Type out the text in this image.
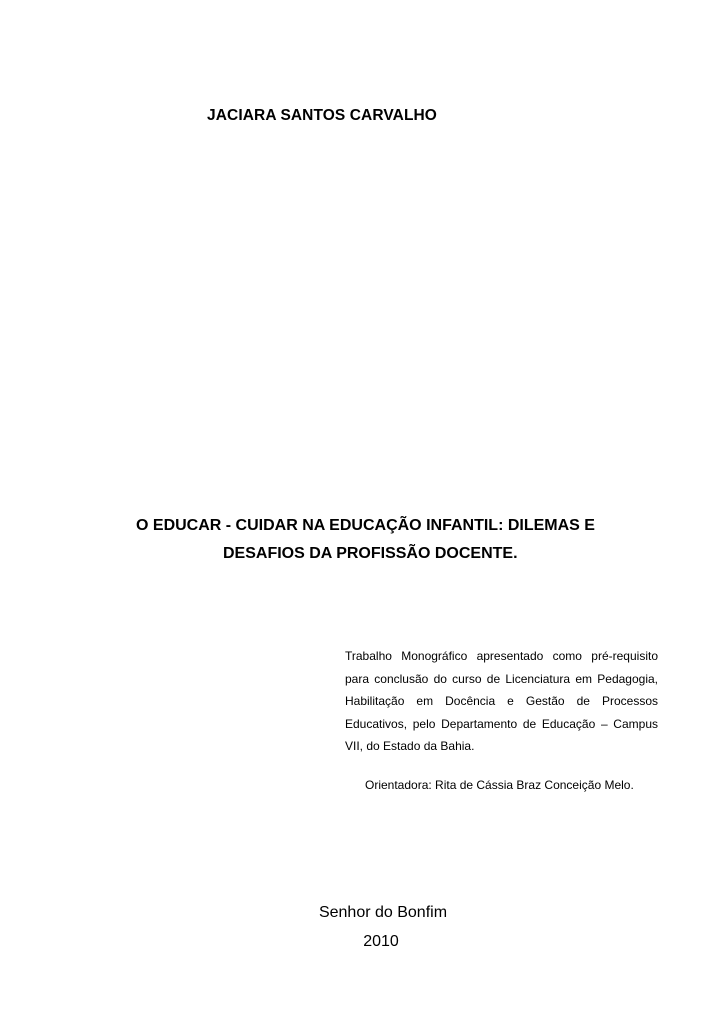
JACIARA SANTOS CARVALHO
O EDUCAR - CUIDAR NA EDUCAÇÃO INFANTIL: DILEMAS E
DESAFIOS DA PROFISSÃO DOCENTE.
Trabalho Monográfico apresentado como pré-requisito para conclusão do curso de Licenciatura em Pedagogia, Habilitação em Docência e Gestão de Processos Educativos, pelo Departamento de Educação – Campus VII, do Estado da Bahia.
Orientadora: Rita de Cássia Braz Conceição Melo.
Senhor do Bonfim
2010
